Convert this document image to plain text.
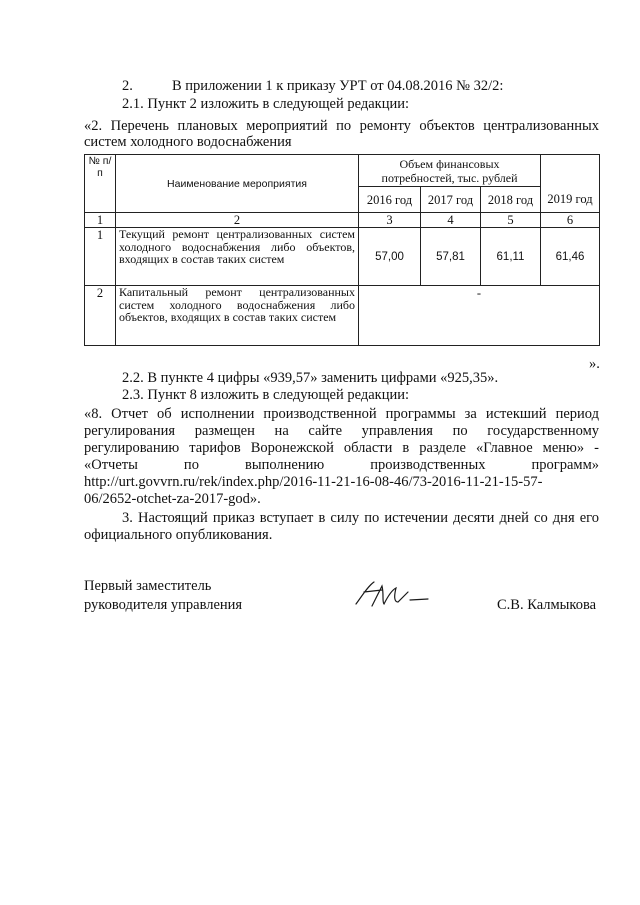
2.	В приложении 1 к приказу УРТ от 04.08.2016 № 32/2:
2.1. Пункт 2 изложить в следующей редакции:
«2. Перечень плановых мероприятий по ремонту объектов централизованных
систем холодного водоснабжения
№ п/п	Наименование мероприятия	Объем финансовых потребностей, тыс. рублей			
		2016 год	2017 год	2018 год	2019 год
1	2	3	4	5	6
1	Текущий ремонт централизованных систем холодного водоснабжения либо объектов, входящих в состав таких систем	57,00	57,81	61,11	61,46
2	Капитальный ремонт централизованных систем холодного водоснабжения либо объектов, входящих в состав таких систем	-			
».
2.2. В пункте 4 цифры «939,57» заменить цифрами «925,35».
2.3. Пункт 8 изложить в следующей редакции:
«8. Отчет об исполнении производственной программы за истекший период
регулирования размещен на сайте управления по государственному
регулированию тарифов Воронежской области в разделе «Главное меню» -
«Отчеты по выполнению производственных программ»
http://urt.govvrn.ru/rek/index.php/2016-11-21-16-08-46/73-2016-11-21-15-57-
06/2652-otchet-za-2017-god».
3. Настоящий приказ вступает в силу по истечении десяти дней со дня его
официального опубликования.
Первый заместитель
руководителя управления	С.В. Калмыкова
